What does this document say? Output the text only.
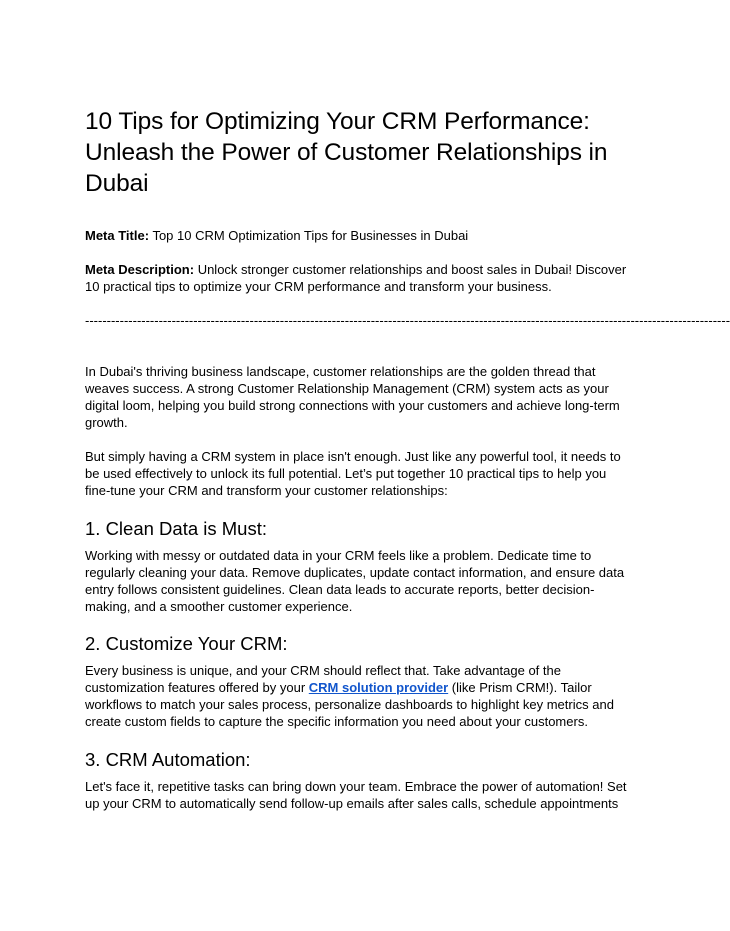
10 Tips for Optimizing Your CRM Performance: Unleash the Power of Customer Relationships in Dubai

Meta Title: Top 10 CRM Optimization Tips for Businesses in Dubai

Meta Description: Unlock stronger customer relationships and boost sales in Dubai! Discover 10 practical tips to optimize your CRM performance and transform your business.

-----------------------------------------------------------------------------------------------------------------------------------------------------

In Dubai's thriving business landscape, customer relationships are the golden thread that weaves success. A strong Customer Relationship Management (CRM) system acts as your digital loom, helping you build strong connections with your customers and achieve long-term growth.

But simply having a CRM system in place isn't enough. Just like any powerful tool, it needs to be used effectively to unlock its full potential. Let’s put together 10 practical tips to help you fine-tune your CRM and transform your customer relationships:

1. Clean Data is Must:

Working with messy or outdated data in your CRM feels like a problem. Dedicate time to regularly cleaning your data. Remove duplicates, update contact information, and ensure data entry follows consistent guidelines. Clean data leads to accurate reports, better decision-making, and a smoother customer experience.

2. Customize Your CRM:

Every business is unique, and your CRM should reflect that. Take advantage of the customization features offered by your CRM solution provider (like Prism CRM!). Tailor workflows to match your sales process, personalize dashboards to highlight key metrics and create custom fields to capture the specific information you need about your customers.

3. CRM Automation:

Let's face it, repetitive tasks can bring down your team. Embrace the power of automation! Set up your CRM to automatically send follow-up emails after sales calls, schedule appointments
